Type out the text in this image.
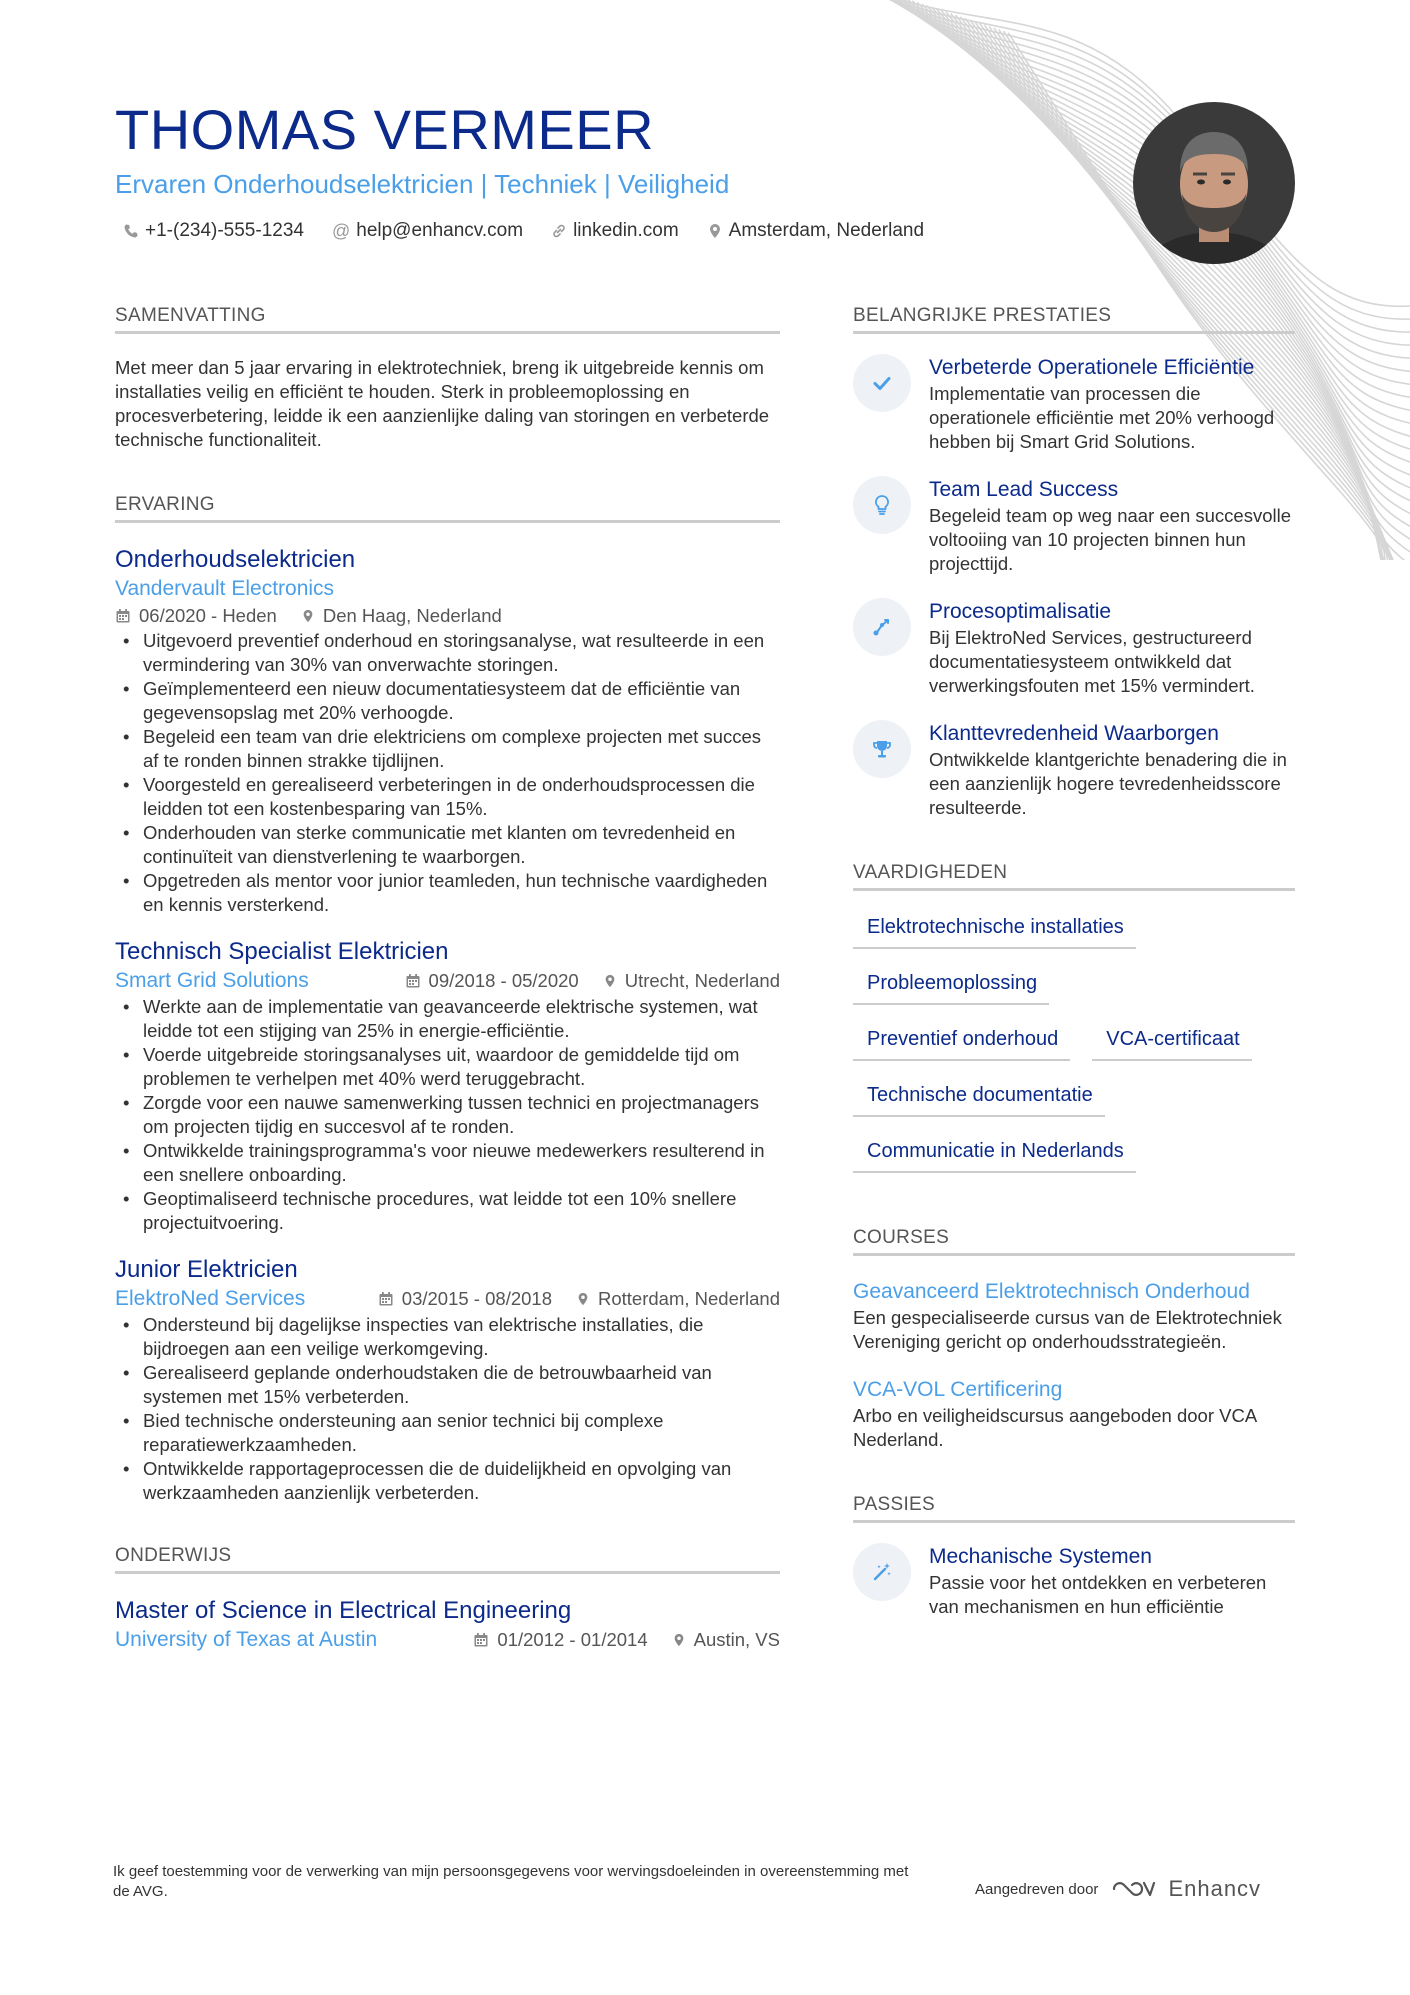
THOMAS VERMEER
Ervaren Onderhoudselektricien | Techniek | Veiligheid
+1-(234)-555-1234 @ help@enhancv.com	linkedin.com	Amsterdam, Nederland
SAMENVATTING
Met meer dan 5 jaar ervaring in elektrotechniek, breng ik uitgebreide kennis om installaties veilig en efficiënt te houden. Sterk in probleemoplossing en procesverbetering, leidde ik een aanzienlijke daling van storingen en verbeterde technische functionaliteit.
ERVARING
Onderhoudselektricien
Vandervault Electronics
06/2020 - Heden Den Haag, Nederland
• Uitgevoerd preventief onderhoud en storingsanalyse, wat resulteerde in een vermindering van 30% van onverwachte storingen.
• Geïmplementeerd een nieuw documentatiesysteem dat de efficiëntie van gegevensopslag met 20% verhoogde.
• Begeleid een team van drie elektriciens om complexe projecten met succes af te ronden binnen strakke tijdlijnen.
• Voorgesteld en gerealiseerd verbeteringen in de onderhoudsprocessen die leidden tot een kostenbesparing van 15%.
• Onderhouden van sterke communicatie met klanten om tevredenheid en continuïteit van dienstverlening te waarborgen.
• Opgetreden als mentor voor junior teamleden, hun technische vaardigheden en kennis versterkend.
Technisch Specialist Elektricien
Smart Grid Solutions	09/2018 - 05/2020 Utrecht, Nederland
• Werkte aan de implementatie van geavanceerde elektrische systemen, wat leidde tot een stijging van 25% in energie-efficiëntie.
• Voerde uitgebreide storingsanalyses uit, waardoor de gemiddelde tijd om problemen te verhelpen met 40% werd teruggebracht.
• Zorgde voor een nauwe samenwerking tussen technici en projectmanagers om projecten tijdig en succesvol af te ronden.
• Ontwikkelde trainingsprogramma's voor nieuwe medewerkers resulterend in een snellere onboarding.
• Geoptimaliseerd technische procedures, wat leidde tot een 10% snellere projectuitvoering.
Junior Elektricien
ElektroNed Services	03/2015 - 08/2018 Rotterdam, Nederland
• Ondersteund bij dagelijkse inspecties van elektrische installaties, die bijdroegen aan een veilige werkomgeving.
• Gerealiseerd geplande onderhoudstaken die de betrouwbaarheid van systemen met 15% verbeterden.
• Bied technische ondersteuning aan senior technici bij complexe reparatiewerkzaamheden.
• Ontwikkelde rapportageprocessen die de duidelijkheid en opvolging van werkzaamheden aanzienlijk verbeterden.
ONDERWIJS
Master of Science in Electrical Engineering
University of Texas at Austin	01/2012 - 01/2014 Austin, VS
BELANGRIJKE PRESTATIES
Verbeterde Operationele Efficiëntie
Implementatie van processen die operationele efficiëntie met 20% verhoogd hebben bij Smart Grid Solutions.
Team Lead Success
Begeleid team op weg naar een succesvolle voltooiing van 10 projecten binnen hun projecttijd.
Procesoptimalisatie
Bij ElektroNed Services, gestructureerd documentatiesysteem ontwikkeld dat verwerkingsfouten met 15% vermindert.
Klanttevredenheid Waarborgen
Ontwikkelde klantgerichte benadering die in een aanzienlijk hogere tevredenheidsscore resulteerde.
VAARDIGHEDEN
Elektrotechnische installaties
Probleemoplossing
Preventief onderhoud	VCA-certificaat
Technische documentatie
Communicatie in Nederlands
COURSES
Geavanceerd Elektrotechnisch Onderhoud
Een gespecialiseerde cursus van de Elektrotechniek Vereniging gericht op onderhoudsstrategieën.
VCA-VOL Certificering
Arbo en veiligheidscursus aangeboden door VCA Nederland.
PASSIES
Mechanische Systemen
Passie voor het ontdekken en verbeteren van mechanismen en hun efficiëntie
Ik geef toestemming voor de verwerking van mijn persoonsgegevens voor wervingsdoeleinden in overeenstemming met de AVG.	Aangedreven door	Enhancv
